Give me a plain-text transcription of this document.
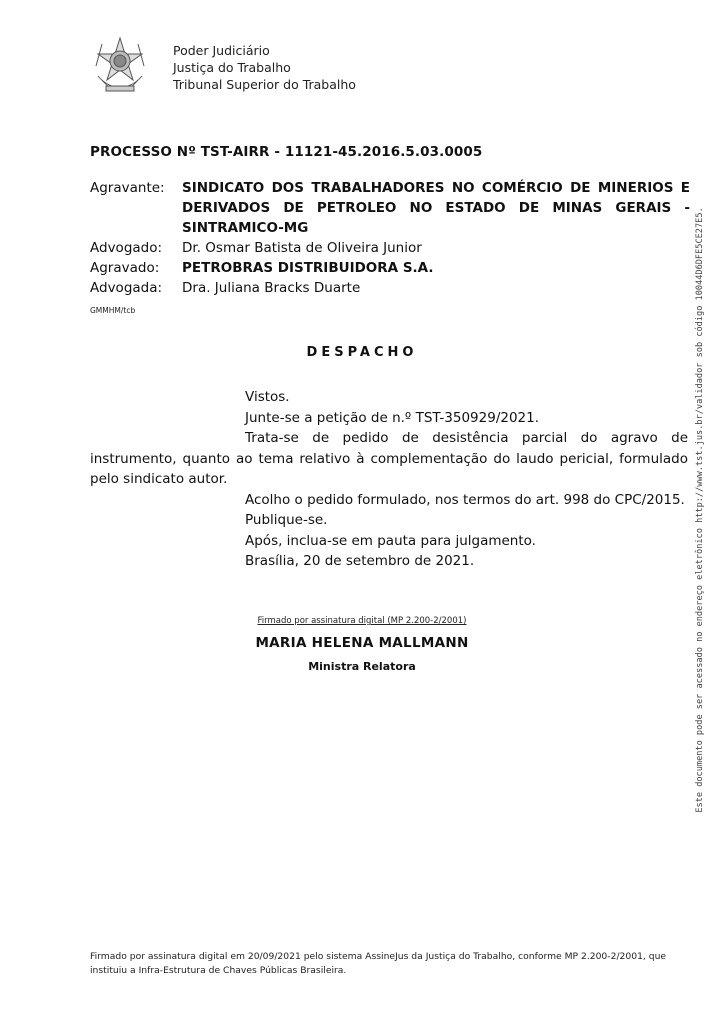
Poder Judiciário
Justiça do Trabalho
Tribunal Superior do Trabalho
PROCESSO Nº TST-AIRR - 11121-45.2016.5.03.0005
Agravante:	SINDICATO DOS TRABALHADORES NO COMÉRCIO DE MINERIOS E
DERIVADOS DE PETROLEO NO ESTADO DE MINAS GERAIS -
SINTRAMICO-MG
Advogado:	Dr. Osmar Batista de Oliveira Junior
Agravado:	PETROBRAS DISTRIBUIDORA S.A.
Advogada:	Dra. Juliana Bracks Duarte
GMMHM/tcb
DESPACHO
Vistos.
Junte-se a petição de n.º TST-350929/2021.
Trata-se de pedido de desistência parcial do agravo de instrumento, quanto ao tema relativo à complementação do laudo pericial, formulado pelo sindicato autor.
Acolho o pedido formulado, nos termos do art. 998 do CPC/2015.
Publique-se.
Após, inclua-se em pauta para julgamento.
Brasília, 20 de setembro de 2021.
Firmado por assinatura digital (MP 2.200-2/2001)
MARIA HELENA MALLMANN
Ministra Relatora	Este documento pode ser acessado no endereço eletrônico http://www.tst.jus.br/validador sob código 10044D6DFE5CE27E5.
Firmado por assinatura digital em 20/09/2021 pelo sistema AssineJus da Justiça do Trabalho, conforme MP 2.200-2/2001, que
instituiu a Infra-Estrutura de Chaves Públicas Brasileira.
